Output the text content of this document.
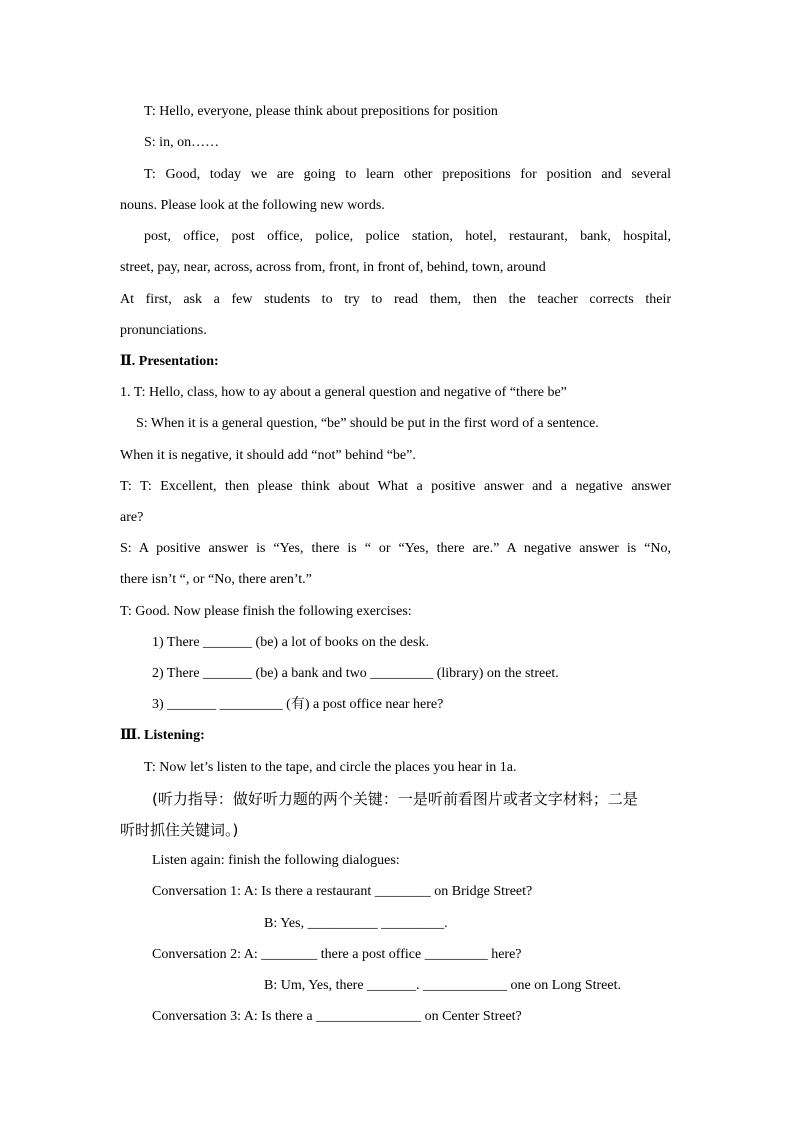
T: Hello, everyone, please think about prepositions for position
S: in, on……
T: Good, today we are going to learn other prepositions for position and several
nouns. Please look at the following new words.
post, office, post office, police, police station, hotel, restaurant, bank, hospital,
street, pay, near, across, across from, front, in front of, behind, town, around
At first, ask a few students to try to read them, then the teacher corrects their
pronunciations.
Ⅱ. Presentation:
1. T: Hello, class, how to ay about a general question and negative of “there be”
S: When it is a general question, “be” should be put in the first word of a sentence.
When it is negative, it should add “not” behind “be”.
T: T: Excellent, then please think about What a positive answer and a negative answer
are?
S: A positive answer is “Yes, there is “ or “Yes, there are.” A negative answer is “No,
there isn’t “, or “No, there aren’t.”
T: Good. Now please finish the following exercises:
1) There _______ (be) a lot of books on the desk.
2) There _______ (be) a bank and two _________ (library) on the street.
3) _______ _________ (有) a post office near here?
Ⅲ. Listening:
T: Now let’s listen to the tape, and circle the places you hear in 1a.
(听力指导：做好听力题的两个关键：一是听前看图片或者文字材料；二是
听时抓住关键词。)
Listen again: finish the following dialogues:
Conversation 1: A: Is there a restaurant ________ on Bridge Street?
B: Yes, __________ _________.
Conversation 2: A: ________ there a post office _________ here?
B: Um, Yes, there _______. ____________ one on Long Street.
Conversation 3: A: Is there a _______________ on Center Street?
